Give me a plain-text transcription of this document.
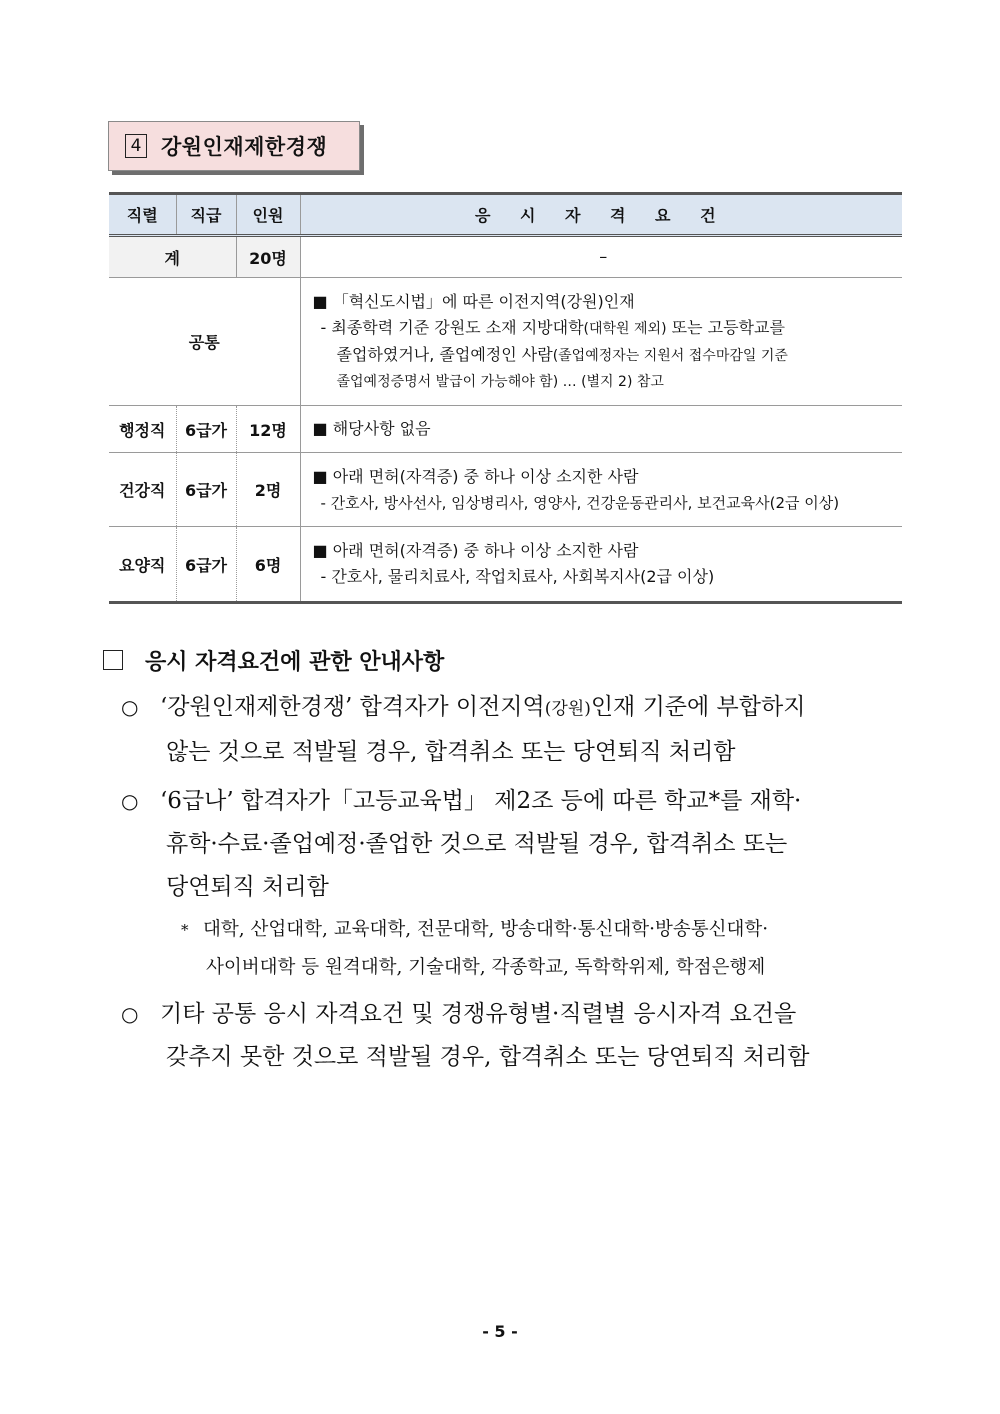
4 강원인재제한경쟁
직렬	직급	인원	응 시 자 격 요 건
계		20명	–
공통			■ 「혁신도시법」에 따른 이전지역(강원)인재
- 최종학력 기준 강원도 소재 지방대학(대학원 제외) 또는 고등학교를
졸업하였거나, 졸업예정인 사람(졸업예정자는 지원서 접수마감일 기준
졸업예정증명서 발급이 가능해야 함) … (별지 2) 참고

행정직	6급가	12명	■ 해당사항 없음

건강직	6급가	2명	■ 아래 면허(자격증) 중 하나 이상 소지한 사람
- 간호사, 방사선사, 임상병리사, 영양사, 건강운동관리사, 보건교육사(2급 이상)

요양직	6급가	6명	■ 아래 면허(자격증) 중 하나 이상 소지한 사람
- 간호사, 물리치료사, 작업치료사, 사회복지사(2급 이상)
응시 자격요건에 관한 안내사항
○ ‘강원인재제한경쟁’ 합격자가 이전지역(강원)인재 기준에 부합하지
않는 것으로 적발될 경우, 합격취소 또는 당연퇴직 처리함
○ ‘6급나’ 합격자가「고등교육법」 제2조 등에 따른 학교*를 재학·
휴학·수료·졸업예정·졸업한 것으로 적발될 경우, 합격취소 또는
당연퇴직 처리함
* 대학, 산업대학, 교육대학, 전문대학, 방송대학·통신대학·방송통신대학·
사이버대학 등 원격대학, 기술대학, 각종학교, 독학학위제, 학점은행제
○ 기타 공통 응시 자격요건 및 경쟁유형별·직렬별 응시자격 요건을
갖추지 못한 것으로 적발될 경우, 합격취소 또는 당연퇴직 처리함
- 5 -
